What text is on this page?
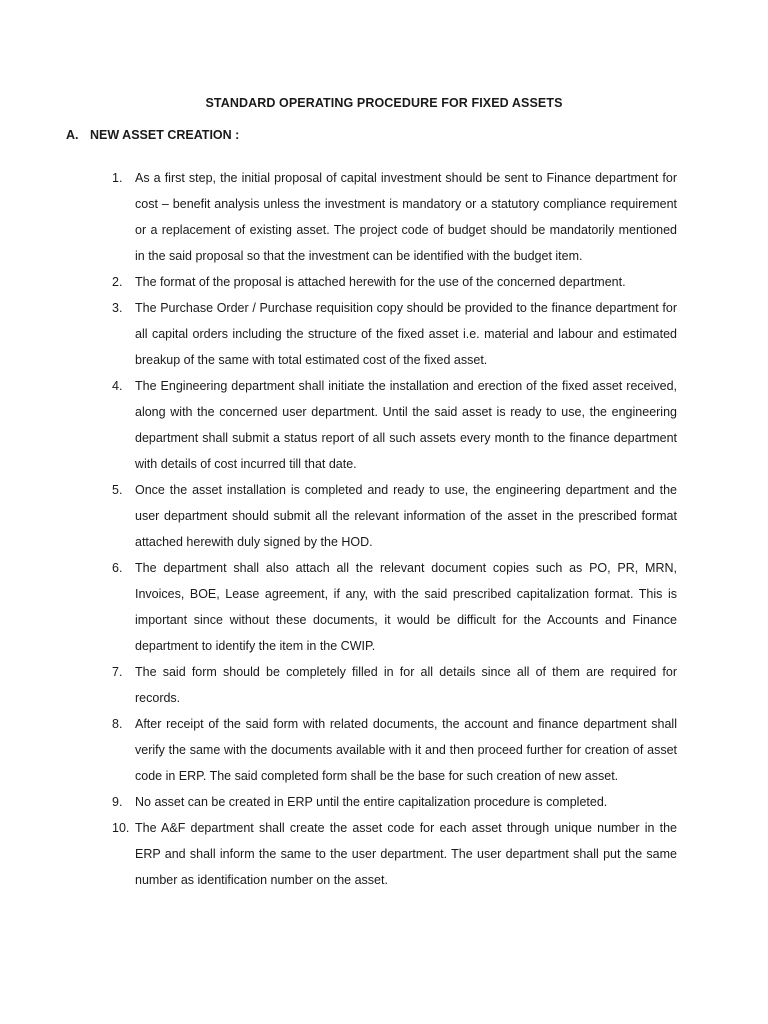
STANDARD OPERATING PROCEDURE FOR FIXED ASSETS
A. NEW ASSET CREATION :
1. As a first step, the initial proposal of capital investment should be sent to Finance department for cost – benefit analysis unless the investment is mandatory or a statutory compliance requirement or a replacement of existing asset. The project code of budget should be mandatorily mentioned in the said proposal so that the investment can be identified with the budget item.
2. The format of the proposal is attached herewith for the use of the concerned department.
3. The Purchase Order / Purchase requisition copy should be provided to the finance department for all capital orders including the structure of the fixed asset i.e. material and labour and estimated breakup of the same with total estimated cost of the fixed asset.
4. The Engineering department shall initiate the installation and erection of the fixed asset received, along with the concerned user department. Until the said asset is ready to use, the engineering department shall submit a status report of all such assets every month to the finance department with details of cost incurred till that date.
5. Once the asset installation is completed and ready to use, the engineering department and the user department should submit all the relevant information of the asset in the prescribed format attached herewith duly signed by the HOD.
6. The department shall also attach all the relevant document copies such as PO, PR, MRN, Invoices, BOE, Lease agreement, if any, with the said prescribed capitalization format. This is important since without these documents, it would be difficult for the Accounts and Finance department to identify the item in the CWIP.
7. The said form should be completely filled in for all details since all of them are required for records.
8. After receipt of the said form with related documents, the account and finance department shall verify the same with the documents available with it and then proceed further for creation of asset code in ERP. The said completed form shall be the base for such creation of new asset.
9. No asset can be created in ERP until the entire capitalization procedure is completed.
10. The A&F department shall create the asset code for each asset through unique number in the ERP and shall inform the same to the user department. The user department shall put the same number as identification number on the asset.
